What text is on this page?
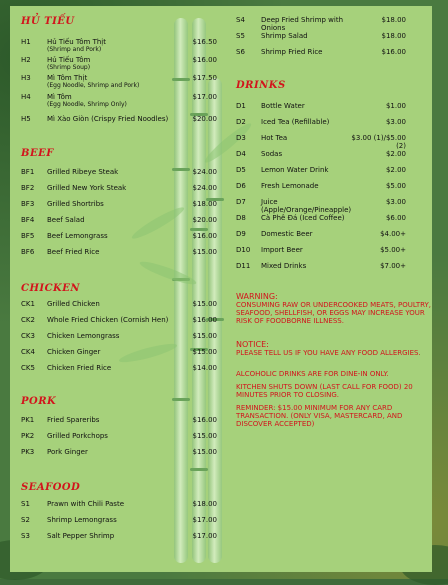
HỦ TIẾU
H1	Hủ Tiếu Tôm Thịt
(Shrimp and Pork)
$16.50
H2	Hủ Tiếu Tôm
(Shrimp Soup)
$16.00
H3	Mì Tôm Thịt
(Egg Noodle, Shrimp and Pork)
$17.50
H4	Mì Tôm
(Egg Noodle, Shrimp Only)
$17.00
H5	Mì Xào Giòn (Crispy Fried Noodles)	$20.00
BEEF
BF1	Grilled Ribeye Steak	$24.00
BF2	Grilled New York Steak	$24.00
BF3	Grilled Shortribs	$18.00
BF4	Beef Salad	$20.00
BF5	Beef Lemongrass	$16.00
BF6	Beef Fried Rice	$15.00
CHICKEN
CK1	Grilled Chicken	$15.00
CK2	Whole Fried Chicken (Cornish Hen)	$16.00
CK3	Chicken Lemongrass	$15.00
CK4	Chicken Ginger	$15.00
CK5	Chicken Fried Rice	$14.00
PORK
PK1	Fried Spareribs	$16.00
PK2	Grilled Porkchops	$15.00
PK3	Pork Ginger	$15.00
SEAFOOD
S1	Prawn with Chili Paste	$18.00
S2	Shrimp Lemongrass	$17.00
S3	Salt Pepper Shrimp	$17.00
S4	Deep Fried Shrimp with Onions
$18.00
S5	Shrimp Salad	$18.00
S6	Shrimp Fried Rice	$16.00
DRINKS
D1	Bottle Water	$1.00
D2	Iced Tea (Refillable)	$3.00
D3	Hot Tea	$3.00 (1)/$5.00 (2)
D4	Sodas	$2.00
D5	Lemon Water Drink	$2.00
D6	Fresh Lemonade	$5.00
D7	Juice (Apple/Orange/Pineapple)
$3.00
D8	Cà Phê Đá (Iced Coffee)	$6.00
D9	Domestic Beer	$4.00+
D10	Import Beer	$5.00+
D11	Mixed Drinks	$7.00+
WARNING:
CONSUMING RAW OR UNDERCOOKED MEATS, POULTRY, SEAFOOD, SHELLFISH, OR EGGS MAY INCREASE YOUR RISK OF FOODBORNE ILLNESS.
NOTICE:
PLEASE TELL US IF YOU HAVE ANY FOOD ALLERGIES.
ALCOHOLIC DRINKS ARE FOR DINE-IN ONLY.
KITCHEN SHUTS DOWN (LAST CALL FOR FOOD) 20 MINUTES PRIOR TO CLOSING.
REMINDER: $15.00 MINIMUM FOR ANY CARD TRANSACTION. (ONLY VISA, MASTERCARD, AND DISCOVER ACCEPTED)
